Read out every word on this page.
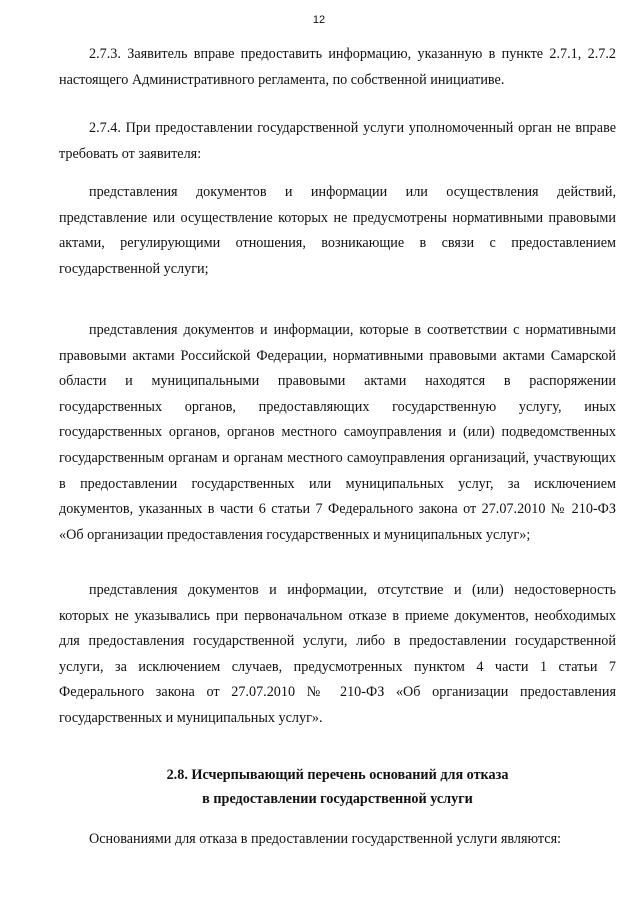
12

2.7.3. Заявитель вправе предоставить информацию, указанную в пункте 2.7.1, 2.7.2 настоящего Административного регламента, по собственной инициативе.

2.7.4. При предоставлении государственной услуги уполномоченный орган не вправе требовать от заявителя:

представления документов и информации или осуществления действий, представление или осуществление которых не предусмотрены нормативными правовыми актами, регулирующими отношения, возникающие в связи с предоставлением государственной услуги;

представления документов и информации, которые в соответствии с нормативными правовыми актами Российской Федерации, нормативными правовыми актами Самарской области и муниципальными правовыми актами находятся в распоряжении государственных органов, предоставляющих государственную услугу, иных государственных органов, органов местного самоуправления и (или) подведомственных государственным органам и органам местного самоуправления организаций, участвующих в предоставлении государственных или муниципальных услуг, за исключением документов, указанных в части 6 статьи 7 Федерального закона от 27.07.2010 № 210-ФЗ «Об организации предоставления государственных и муниципальных услуг»;

представления документов и информации, отсутствие и (или) недостоверность которых не указывались при первоначальном отказе в приеме документов, необходимых для предоставления государственной услуги, либо в предоставлении государственной услуги, за исключением случаев, предусмотренных пунктом 4 части 1 статьи 7 Федерального закона от 27.07.2010 № 210-ФЗ «Об организации предоставления государственных и муниципальных услуг».

2.8. Исчерпывающий перечень оснований для отказа
в предоставлении государственной услуги

Основаниями для отказа в предоставлении государственной услуги являются:
